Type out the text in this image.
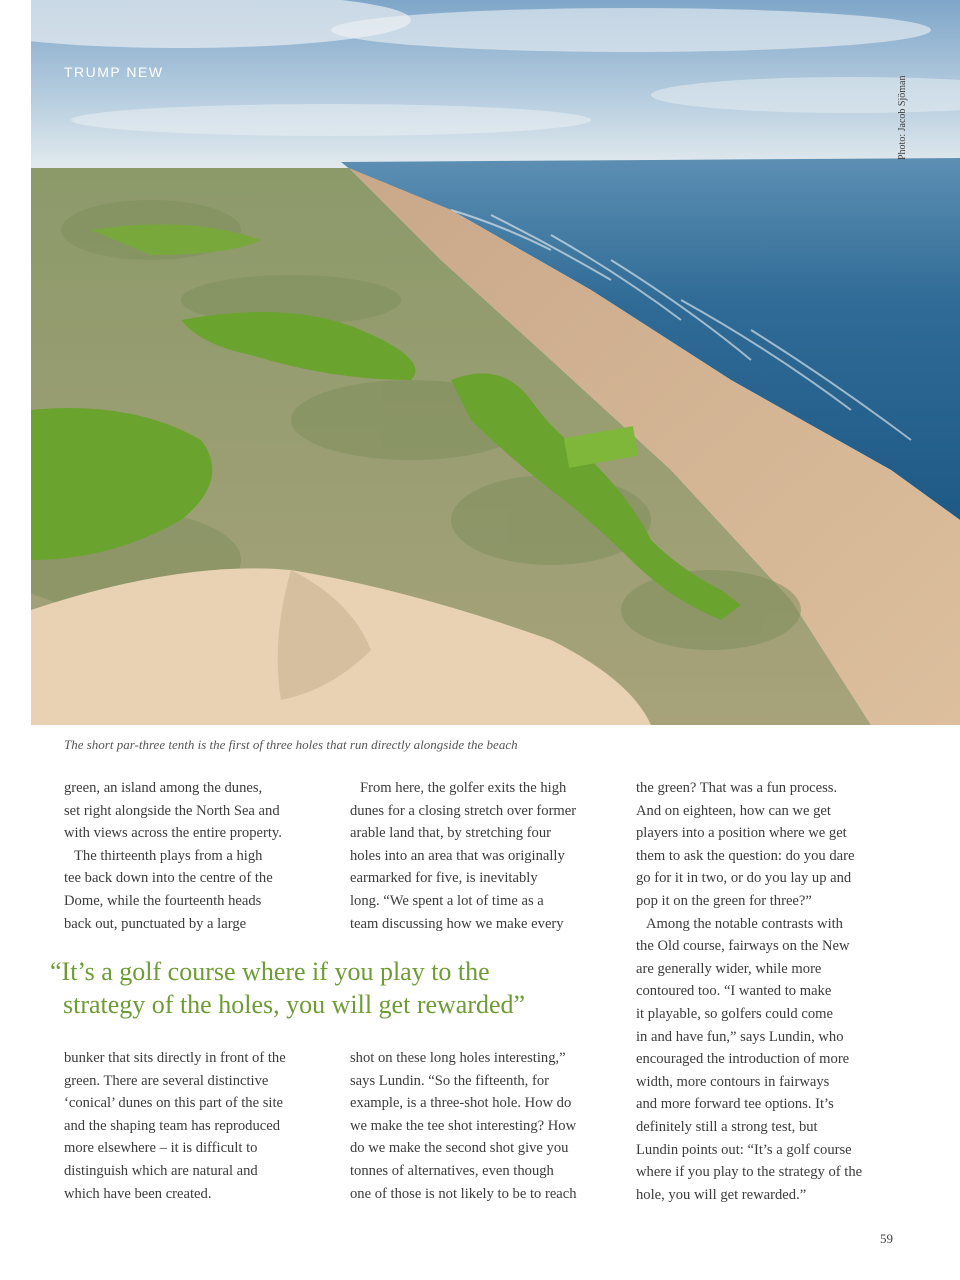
TRUMP NEW
Photo: Jacob Sjöman
The short par-three tenth is the first of three holes that run directly alongside the beach

green, an island among the dunes,

set right alongside the North Sea and

with views across the entire property.

The thirteenth plays from a high

tee back down into the centre of the

Dome, while the fourteenth heads

back out, punctuated by a large

From here, the golfer exits the high

dunes for a closing stretch over former

arable land that, by stretching four

holes into an area that was originally

earmarked for five, is inevitably

long. “We spent a lot of time as a

team discussing how we make every

“It’s a golf course where if you play to the
strategy of the holes, you will get rewarded”

bunker that sits directly in front of the

green. There are several distinctive

‘conical’ dunes on this part of the site

and the shaping team has reproduced

more elsewhere – it is difficult to

distinguish which are natural and

which have been created.

shot on these long holes interesting,”

says Lundin. “So the fifteenth, for

example, is a three-shot hole. How do

we make the tee shot interesting? How

do we make the second shot give you

tonnes of alternatives, even though

one of those is not likely to be to reach

the green? That was a fun process.

And on eighteen, how can we get

players into a position where we get

them to ask the question: do you dare

go for it in two, or do you lay up and

pop it on the green for three?”

Among the notable contrasts with

the Old course, fairways on the New

are generally wider, while more

contoured too. “I wanted to make

it playable, so golfers could come

in and have fun,” says Lundin, who

encouraged the introduction of more

width, more contours in fairways

and more forward tee options. It’s

definitely still a strong test, but

Lundin points out: “It’s a golf course

where if you play to the strategy of the

hole, you will get rewarded.”

59
